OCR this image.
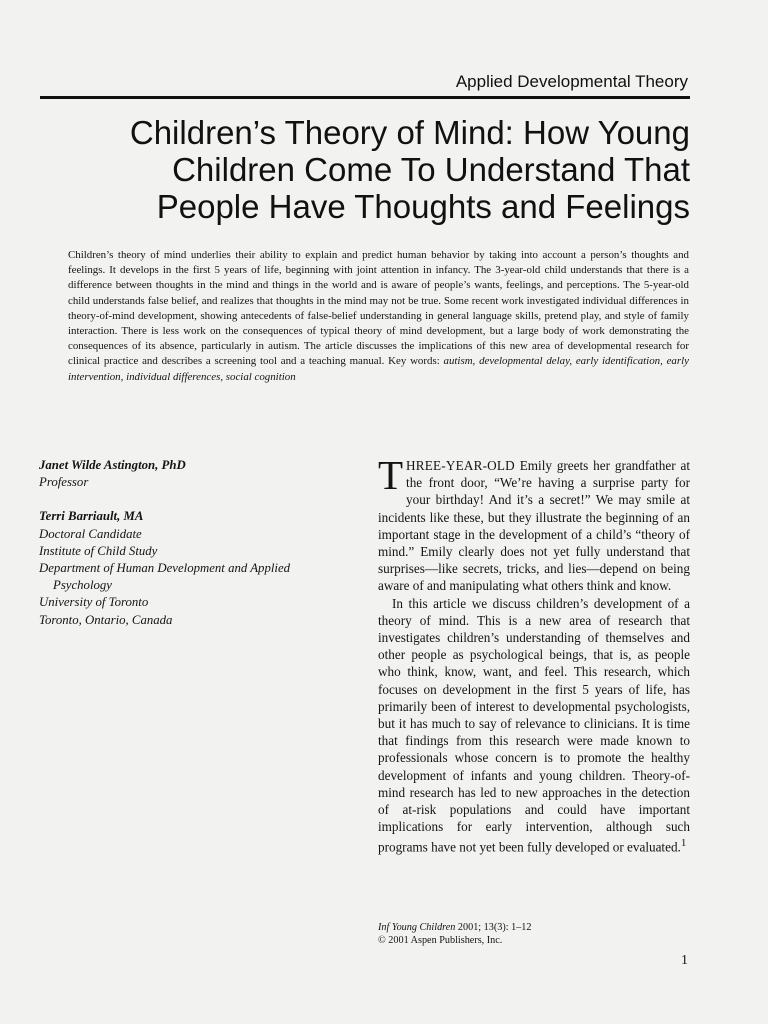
Applied Developmental Theory
Children’s Theory of Mind: How Young
Children Come To Understand That
People Have Thoughts and Feelings

Children’s theory of mind underlies their ability to explain and predict human behavior by taking into account a person’s thoughts and feelings. It develops in the first 5 years of life, beginning with joint attention in infancy. The 3-year-old child understands that there is a difference between thoughts in the mind and things in the world and is aware of people’s wants, feelings, and perceptions. The 5-year-old child understands false belief, and realizes that thoughts in the mind may not be true. Some recent work investigated individual differences in theory-of-mind development, showing antecedents of false-belief understanding in general language skills, pretend play, and style of family interaction. There is less work on the consequences of typical theory of mind development, but a large body of work demonstrating the consequences of its absence, particularly in autism. The article discusses the implications of this new area of developmental research for clinical practice and describes a screening tool and a teaching manual. Key words: autism, developmental delay, early identification, early intervention, individual differences, social cognition

Janet Wilde Astington, PhD
Professor
Terri Barriault, MA
Doctoral Candidate
Institute of Child Study
Department of Human Development and Applied
Psychology
University of Toronto
Toronto, Ontario, Canada

THREE-YEAR-OLD Emily greets her grandfather at the front door, “We’re having a surprise party for your birthday! And it’s a secret!” We may smile at incidents like these, but they illustrate the beginning of an important stage in the development of a child’s “theory of mind.” Emily clearly does not yet fully understand that surprises—like secrets, tricks, and lies—depend on being aware of and manipulating what others think and know.

In this article we discuss children’s development of a theory of mind. This is a new area of research that investigates children’s understanding of themselves and other people as psychological beings, that is, as people who think, know, want, and feel. This research, which focuses on development in the first 5 years of life, has primarily been of interest to developmental psychologists, but it has much to say of relevance to clinicians. It is time that findings from this research were made known to professionals whose concern is to promote the healthy development of infants and young children. Theory-of-mind research has led to new approaches in the detection of at-risk populations and could have important implications for early intervention, although such programs have not yet been fully developed or evaluated.$^1$

Inf Young Children 2001; 13(3): 1–12
© 2001 Aspen Publishers, Inc.
1
